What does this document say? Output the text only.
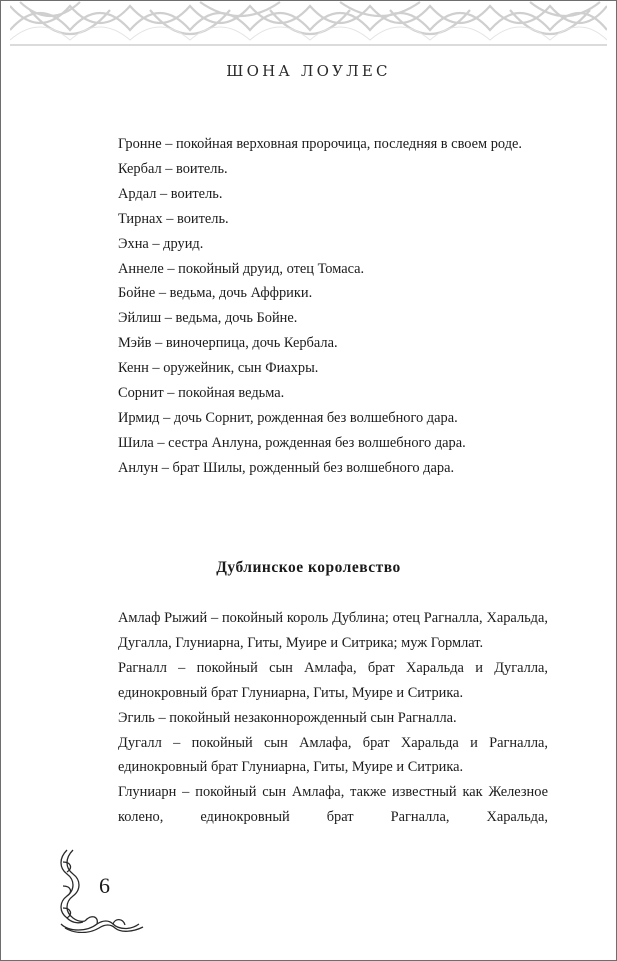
ШОНА ЛОУЛЕС

Гронне – покойная верховная пророчица, последняя в своем роде.

Кербал – воитель.

Ардал – воитель.

Тирнах – воитель.

Эхна – друид.

Аннеле – покойный друид, отец Томаса.

Бойне – ведьма, дочь Аффрики.

Эйлиш – ведьма, дочь Бойне.

Мэйв – виночерпица, дочь Кербала.

Кенн – оружейник, сын Фиахры.

Сорнит – покойная ведьма.

Ирмид – дочь Сорнит, рожденная без волшебного дара.

Шила – сестра Анлуна, рожденная без волшебного дара.

Анлун – брат Шилы, рожденный без волшебного дара.

Дублинское королевство

Амлаф Рыжий – покойный король Дублина; отец Рагналла, Харальда, Дугалла, Глуниарна, Гиты, Муире и Ситрика; муж Гормлат.

Рагналл – покойный сын Амлафа, брат Харальда и Дугалла, единокровный брат Глуниарна, Гиты, Муире и Ситрика.

Эгиль – покойный незаконнорожденный сын Рагналла.

Дугалл – покойный сын Амлафа, брат Харальда и Рагналла, единокровный брат Глуниарна, Гиты, Муире и Ситрика.

Глуниарн – покойный сын Амлафа, также известный как Железное колено, единокровный брат Рагналла, Харальда,

6
